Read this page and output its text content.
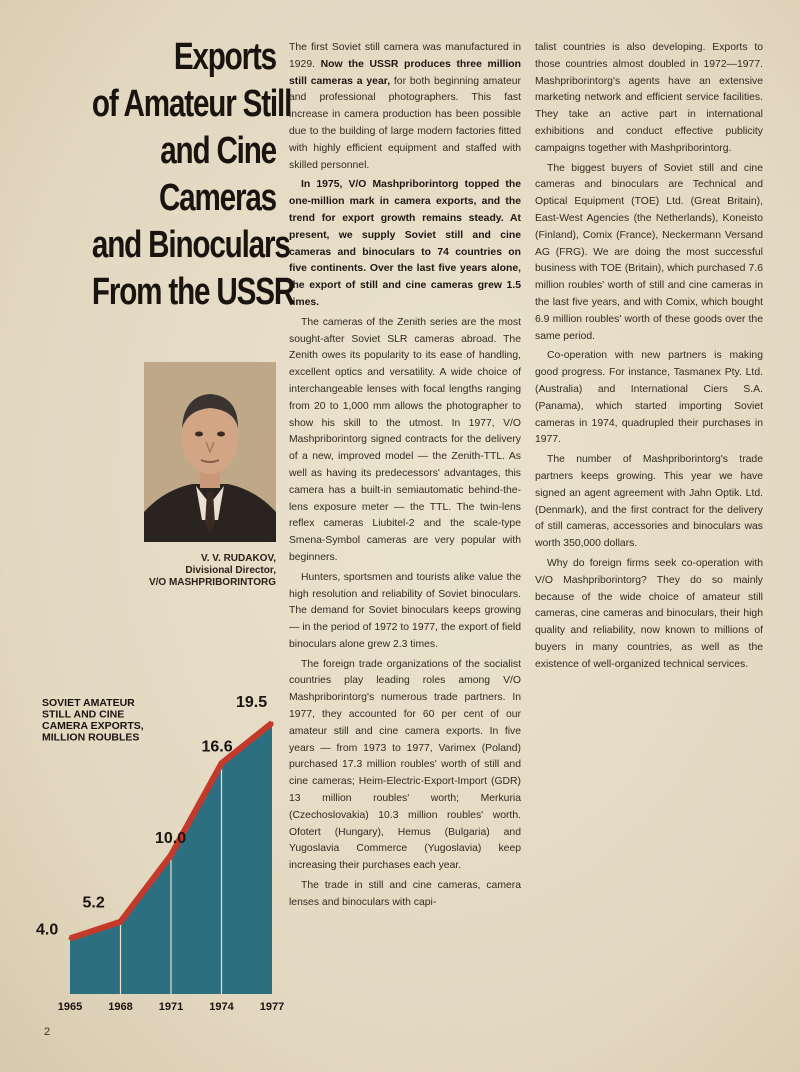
Exports
of Amateur Still
and Cine
Cameras
and Binoculars
From the USSR
V. V. RUDAKOV,
Divisional Director,
V/O MASHPRIBORINTORG

The first Soviet still camera was manufactured in 1929. Now the USSR produces three million still cameras a year, for both beginning amateur and professional photographers. This fast increase in camera production has been possible due to the building of large modern factories fitted with highly efficient equipment and staffed with skilled personnel.

In 1975, V/O Mashpriborintorg topped the one-million mark in camera exports, and the trend for export growth remains steady. At present, we supply Soviet still and cine cameras and binoculars to 74 countries on five continents. Over the last five years alone, the export of still and cine cameras grew 1.5 times.

The cameras of the Zenith series are the most sought-after Soviet SLR cameras abroad. The Zenith owes its popularity to its ease of handling, excellent optics and versatility. A wide choice of interchangeable lenses with focal lengths ranging from 20 to 1,000 mm allows the photographer to show his skill to the utmost. In 1977, V/O Mashpriborintorg signed contracts for the delivery of a new, improved model — the Zenith-TTL. As well as having its predecessors' advantages, this camera has a built-in semiautomatic behind-the-lens exposure meter — the TTL. The twin-lens reflex cameras Liubitel-2 and the scale-type Smena-Symbol cameras are very popular with beginners.

Hunters, sportsmen and tourists alike value the high resolution and reliability of Soviet binoculars. The demand for Soviet binoculars keeps growing — in the period of 1972 to 1977, the export of field binoculars alone grew 2.3 times.

The foreign trade organizations of the socialist countries play leading roles among V/O Mashpriborintorg's numerous trade partners. In 1977, they accounted for 60 per cent of our amateur still and cine camera exports. In five years — from 1973 to 1977, Varimex (Poland) purchased 17.3 million roubles' worth of still and cine cameras; Heim-Electric-Export-Import (GDR) 13 million roubles' worth; Merkuria (Czechoslovakia) 10.3 million roubles' worth. Ofotert (Hungary), Hemus (Bulgaria) and Yugoslavia Commerce (Yugoslavia) keep increasing their purchases each year.

The trade in still and cine cameras, camera lenses and binoculars with capi-

talist countries is also developing. Exports to those countries almost doubled in 1972—1977. Mashpriborintorg's agents have an extensive marketing network and efficient service facilities. They take an active part in international exhibitions and conduct effective publicity campaigns together with Mashpriborintorg.

The biggest buyers of Soviet still and cine cameras and binoculars are Technical and Optical Equipment (TOE) Ltd. (Great Britain), East-West Agencies (the Netherlands), Koneisto (Finland), Comix (France), Neckermann Versand AG (FRG). We are doing the most successful business with TOE (Britain), which purchased 7.6 million roubles' worth of still and cine cameras in the last five years, and with Comix, which bought 6.9 million roubles' worth of these goods over the same period.

Co-operation with new partners is making good progress. For instance, Tasmanex Pty. Ltd. (Australia) and International Ciers S.A. (Panama), which started importing Soviet cameras in 1974, quadrupled their purchases in 1977.

The number of Mashpriborintorg's trade partners keeps growing. This year we have signed an agent agreement with Jahn Optik. Ltd. (Denmark), and the first contract for the delivery of still cameras, accessories and binoculars was worth 350,000 dollars.

Why do foreign firms seek co-operation with V/O Mashpriborintorg? They do so mainly because of the wide choice of amateur still cameras, cine cameras and binoculars, their high quality and reliability, now known to millions of buyers in many countries, as well as the existence of well-organized technical services.

SOVIET AMATEUR
STILL AND CINE
CAMERA EXPORTS,
MILLION ROUBLES
4.0
5.2
10.0
16.6
19.5
1965 1968 1971 1974 1977
2
